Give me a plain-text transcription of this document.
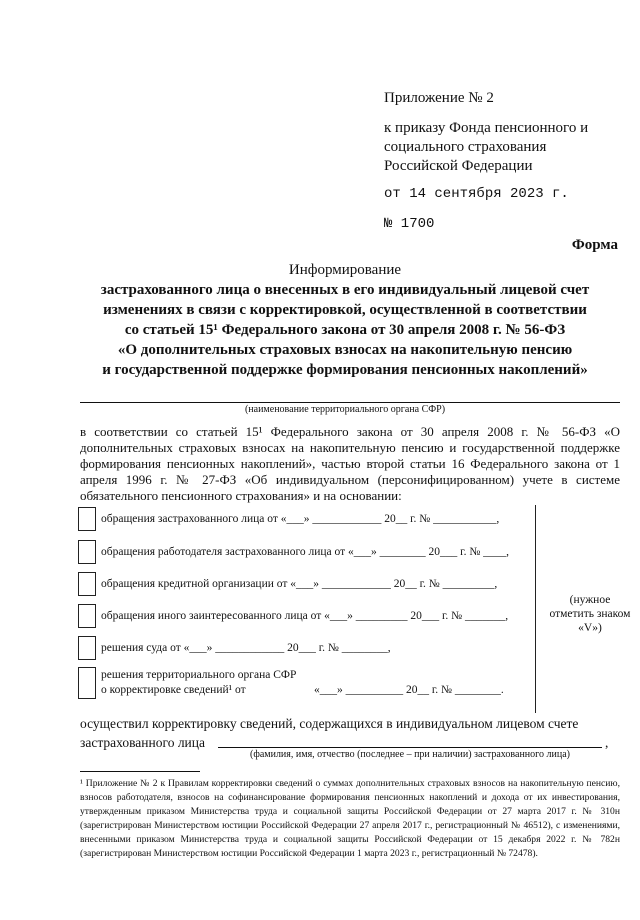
Приложение № 2
к приказу Фонда пенсионного и
социального страхования
Российской Федерации
от 14 сентября 2023 г.
№ 1700
Форма
Информирование
застрахованного лица о внесенных в его индивидуальный лицевой счет
изменениях в связи с корректировкой, осуществленной в соответствии
со статьей 15¹ Федерального закона от 30 апреля 2008 г. № 56-ФЗ
«О дополнительных страховых взносах на накопительную пенсию
и государственной поддержке формирования пенсионных накоплений»
(наименование территориального органа СФР)
в соответствии со статьей 15¹ Федерального закона от 30 апреля 2008 г. № 56-ФЗ «О дополнительных страховых взносах на накопительную пенсию и государственной поддержке формирования пенсионных накоплений», частью второй статьи 16 Федерального закона от 1 апреля 1996 г. № 27-ФЗ «Об индивидуальном (персонифицированном) учете в системе обязательного пенсионного страхования» и на основании:
обращения застрахованного лица от «___» ____________ 20__ г. № ___________,
обращения работодателя застрахованного лица от «___» ________ 20___ г. № ____,
обращения кредитной организации от «___» ____________ 20__ г. № _________,
обращения иного заинтересованного лица от «___» _________ 20___ г. № _______,
решения суда от «___» ____________ 20___ г. № ________,
решения территориального органа СФР
о корректировке сведений¹ от	«___» __________ 20__ г. № ________.
(нужное
отметить знаком
«V»)
осуществил корректировку сведений, содержащихся в индивидуальном лицевом счете
застрахованного лица	,
(фамилия, имя, отчество (последнее – при наличии) застрахованного лица)
¹ Приложение № 2 к Правилам корректировки сведений о суммах дополнительных страховых взносов на накопительную пенсию, взносов работодателя, взносов на софинансирование формирования пенсионных накоплений и дохода от их инвестирования, утвержденным приказом Министерства труда и социальной защиты Российской Федерации от 27 марта 2017 г. № 310н (зарегистрирован Министерством юстиции Российской Федерации 27 апреля 2017 г., регистрационный № 46512), с изменениями, внесенными приказом Министерства труда и социальной защиты Российской Федерации от 15 декабря 2022 г. № 782н (зарегистрирован Министерством юстиции Российской Федерации 1 марта 2023 г., регистрационный № 72478).
